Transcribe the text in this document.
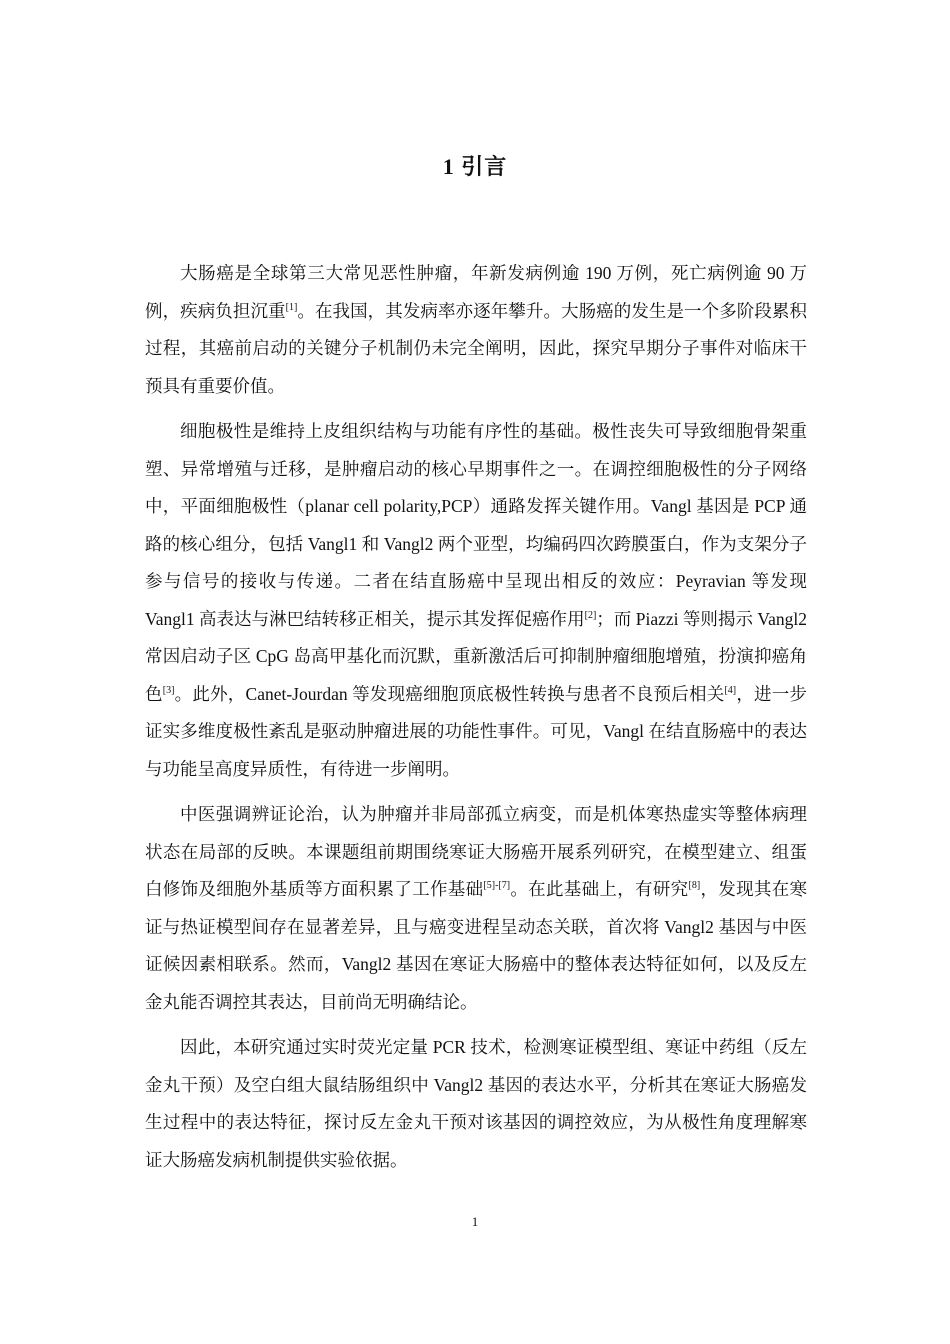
1 引言

大肠癌是全球第三大常见恶性肿瘤，年新发病例逾 190 万例，死亡病例逾 90 万例，疾病负担沉重[1]。在我国，其发病率亦逐年攀升。大肠癌的发生是一个多阶段累积过程，其癌前启动的关键分子机制仍未完全阐明，因此，探究早期分子事件对临床干预具有重要价值。

细胞极性是维持上皮组织结构与功能有序性的基础。极性丧失可导致细胞骨架重塑、异常增殖与迁移，是肿瘤启动的核心早期事件之一。在调控细胞极性的分子网络中，平面细胞极性（planar cell polarity,PCP）通路发挥关键作用。Vangl 基因是 PCP 通路的核心组分，包括 Vangl1 和 Vangl2 两个亚型，均编码四次跨膜蛋白，作为支架分子参与信号的接收与传递。二者在结直肠癌中呈现出相反的效应：Peyravian 等发现 Vangl1 高表达与淋巴结转移正相关，提示其发挥促癌作用[2]；而 Piazzi 等则揭示 Vangl2 常因启动子区 CpG 岛高甲基化而沉默，重新激活后可抑制肿瘤细胞增殖，扮演抑癌角色[3]。此外，Canet-Jourdan 等发现癌细胞顶底极性转换与患者不良预后相关[4]，进一步证实多维度极性紊乱是驱动肿瘤进展的功能性事件。可见，Vangl 在结直肠癌中的表达与功能呈高度异质性，有待进一步阐明。

中医强调辨证论治，认为肿瘤并非局部孤立病变，而是机体寒热虚实等整体病理状态在局部的反映。本课题组前期围绕寒证大肠癌开展系列研究，在模型建立、组蛋白修饰及细胞外基质等方面积累了工作基础[5]-[7]。在此基础上，有研究[8]，发现其在寒证与热证模型间存在显著差异，且与癌变进程呈动态关联，首次将 Vangl2 基因与中医证候因素相联系。然而，Vangl2 基因在寒证大肠癌中的整体表达特征如何，以及反左金丸能否调控其表达，目前尚无明确结论。

因此，本研究通过实时荧光定量 PCR 技术，检测寒证模型组、寒证中药组（反左金丸干预）及空白组大鼠结肠组织中 Vangl2 基因的表达水平，分析其在寒证大肠癌发生过程中的表达特征，探讨反左金丸干预对该基因的调控效应，为从极性角度理解寒证大肠癌发病机制提供实验依据。

1
